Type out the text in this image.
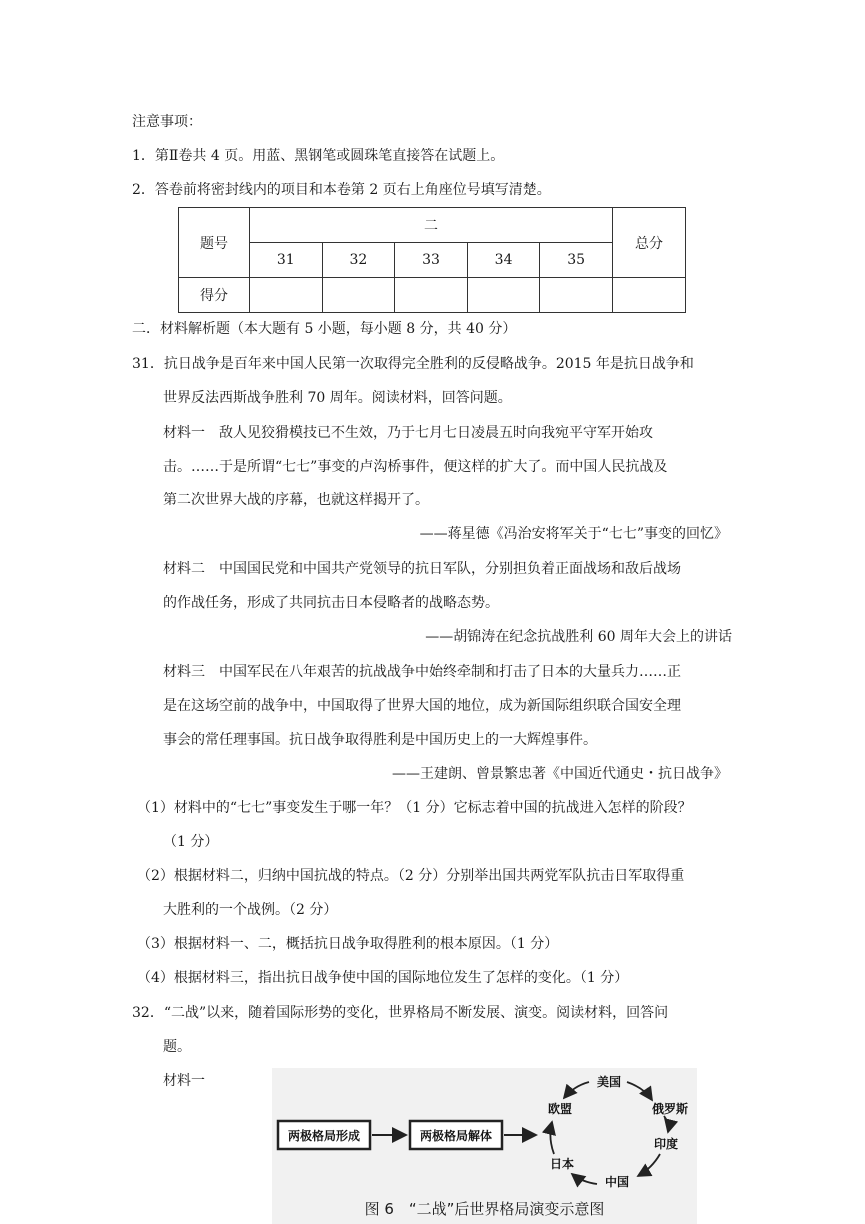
注意事项：
1．第Ⅱ卷共 4 页。用蓝、黑钢笔或圆珠笔直接答在试题上。
2．答卷前将密封线内的项目和本卷第 2 页右上角座位号填写清楚。
题号	二					总分
	31	32	33	34	35	
得分						
二．材料解析题（本大题有 5 小题，每小题 8 分，共 40 分）
31．抗日战争是百年来中国人民第一次取得完全胜利的反侵略战争。2015 年是抗日战争和
世界反法西斯战争胜利 70 周年。阅读材料，回答问题。
材料一　敌人见狡猾模技已不生效，乃于七月七日凌晨五时向我宛平守军开始攻
击。……于是所谓“七七”事变的卢沟桥事件，便这样的扩大了。而中国人民抗战及
第二次世界大战的序幕，也就这样揭开了。
——蒋星德《冯治安将军关于“七七”事变的回忆》
材料二　中国国民党和中国共产党领导的抗日军队，分别担负着正面战场和敌后战场
的作战任务，形成了共同抗击日本侵略者的战略态势。
——胡锦涛在纪念抗战胜利 60 周年大会上的讲话
材料三　中国军民在八年艰苦的抗战战争中始终牵制和打击了日本的大量兵力……正
是在这场空前的战争中，中国取得了世界大国的地位，成为新国际组织联合国安全理
事会的常任理事国。抗日战争取得胜利是中国历史上的一大辉煌事件。
——王建朗、曾景繁忠著《中国近代通史・抗日战争》
（1）材料中的“七七”事变发生于哪一年？（1 分）它标志着中国的抗战进入怎样的阶段？
（1 分）
（2）根据材料二，归纳中国抗战的特点。（2 分）分别举出国共两党军队抗击日军取得重
大胜利的一个战例。（2 分）
（3）根据材料一、二，概括抗日战争取得胜利的根本原因。（1 分）
（4）根据材料三，指出抗日战争使中国的国际地位发生了怎样的变化。（1 分）
32．“二战”以来，随着国际形势的变化，世界格局不断发展、演变。阅读材料，回答问
题。
材料一
两极格局形成	两极格局解体
美国
俄罗斯
印度
中国
日本
欧盟
图 6　“二战”后世界格局演变示意图
